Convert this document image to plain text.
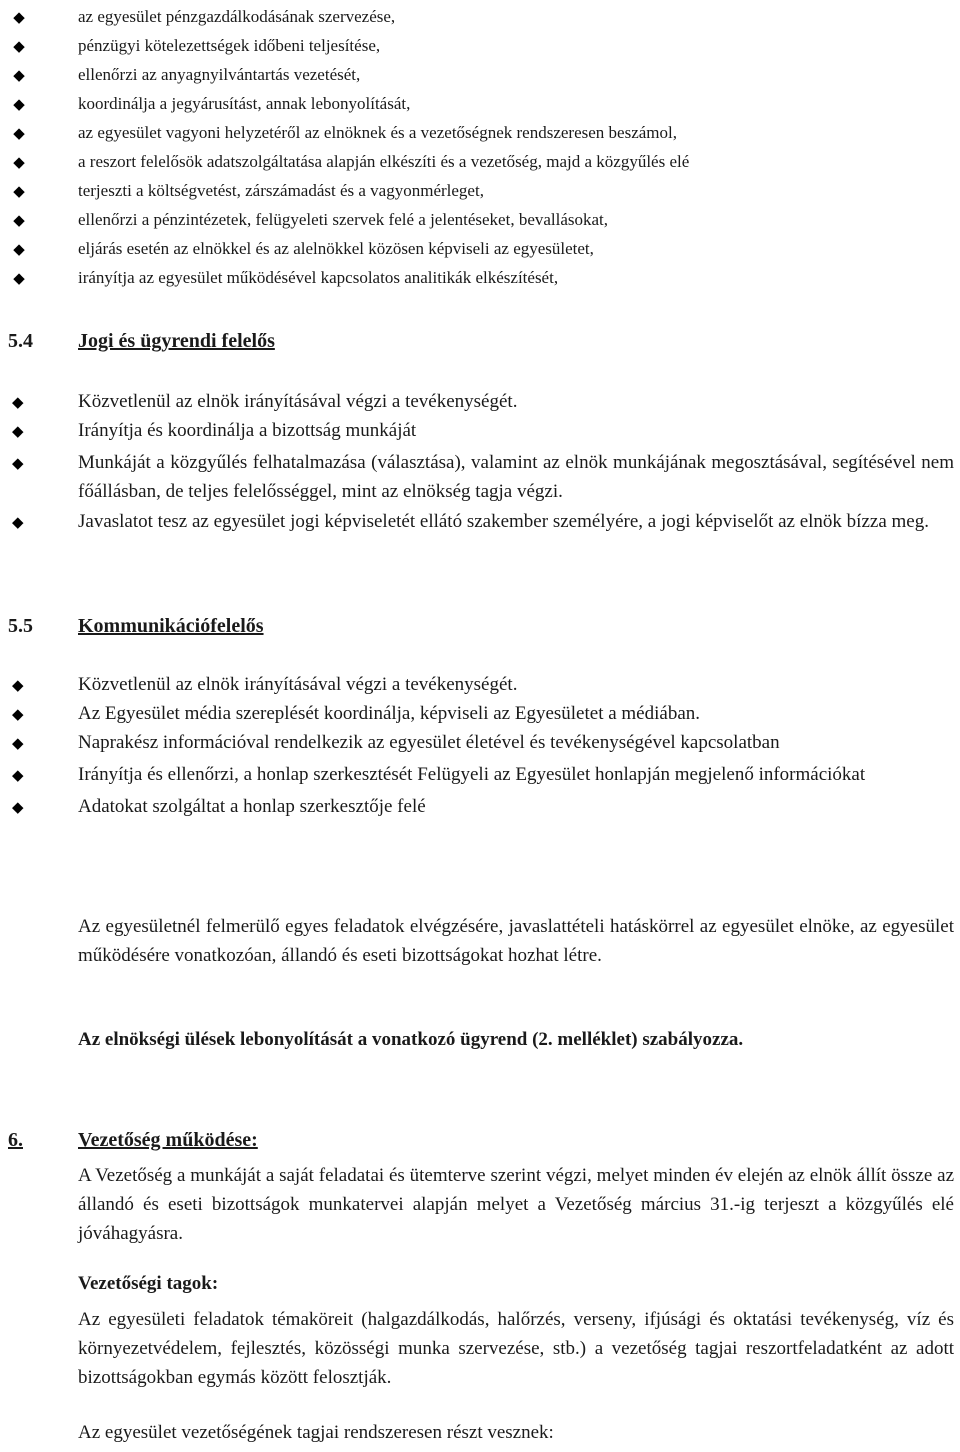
◆	az egyesület pénzgazdálkodásának szervezése,
◆	pénzügyi kötelezettségek időbeni teljesítése,
◆	ellenőrzi az anyagnyilvántartás vezetését,
◆	koordinálja a jegyárusítást, annak lebonyolítását,
◆	az egyesület vagyoni helyzetéről az elnöknek és a vezetőségnek rendszeresen beszámol,
◆	a reszort felelősök adatszolgáltatása alapján elkészíti és a vezetőség, majd a közgyűlés elé
◆	terjeszti a költségvetést, zárszámadást és a vagyonmérleget,
◆	ellenőrzi a pénzintézetek, felügyeleti szervek felé a jelentéseket, bevallásokat,
◆	eljárás esetén az elnökkel és az alelnökkel közösen képviseli az egyesületet,
◆	irányítja az egyesület működésével kapcsolatos analitikák elkészítését,
5.4 Jogi és ügyrendi felelős
◆	Közvetlenül az elnök irányításával végzi a tevékenységét.
◆	Irányítja és koordinálja a bizottság munkáját
◆	Munkáját a közgyűlés felhatalmazása (választása), valamint az elnök munkájának megosztásával, segítésével nem főállásban, de teljes felelősséggel, mint az elnökség tagja végzi.
◆	Javaslatot tesz az egyesület jogi képviseletét ellátó szakember személyére, a jogi képviselőt az elnök bízza meg.
5.5 Kommunikációfelelős
◆	Közvetlenül az elnök irányításával végzi a tevékenységét.
◆	Az Egyesület média szereplését koordinálja, képviseli az Egyesületet a médiában.
◆	Naprakész információval rendelkezik az egyesület életével és tevékenységével kapcsolatban
◆	Irányítja és ellenőrzi, a honlap szerkesztését Felügyeli az Egyesület honlapján megjelenő információkat
◆	Adatokat szolgáltat a honlap szerkesztője felé

Az egyesületnél felmerülő egyes feladatok elvégzésére, javaslattételi hatáskörrel az egyesület elnöke, az egyesület működésére vonatkozóan, állandó és eseti bizottságokat hozhat létre.

Az elnökségi ülések lebonyolítását a vonatkozó ügyrend (2. melléklet) szabályozza.

6.	Vezetőség működése:

A Vezetőség a munkáját a saját feladatai és ütemterve szerint végzi, melyet minden év elején az elnök állít össze az állandó és eseti bizottságok munkatervei alapján melyet a Vezetőség március 31.-ig terjeszt a közgyűlés elé jóváhagyásra.

Vezetőségi tagok:

Az egyesületi feladatok témaköreit (halgazdálkodás, halőrzés, verseny, ifjúsági és oktatási tevékenység, víz és környezetvédelem, fejlesztés, közösségi munka szervezése, stb.) a vezetőség tagjai reszortfeladatként az adott bizottságokban egymás között felosztják.

Az egyesület vezetőségének tagjai rendszeresen részt vesznek:
